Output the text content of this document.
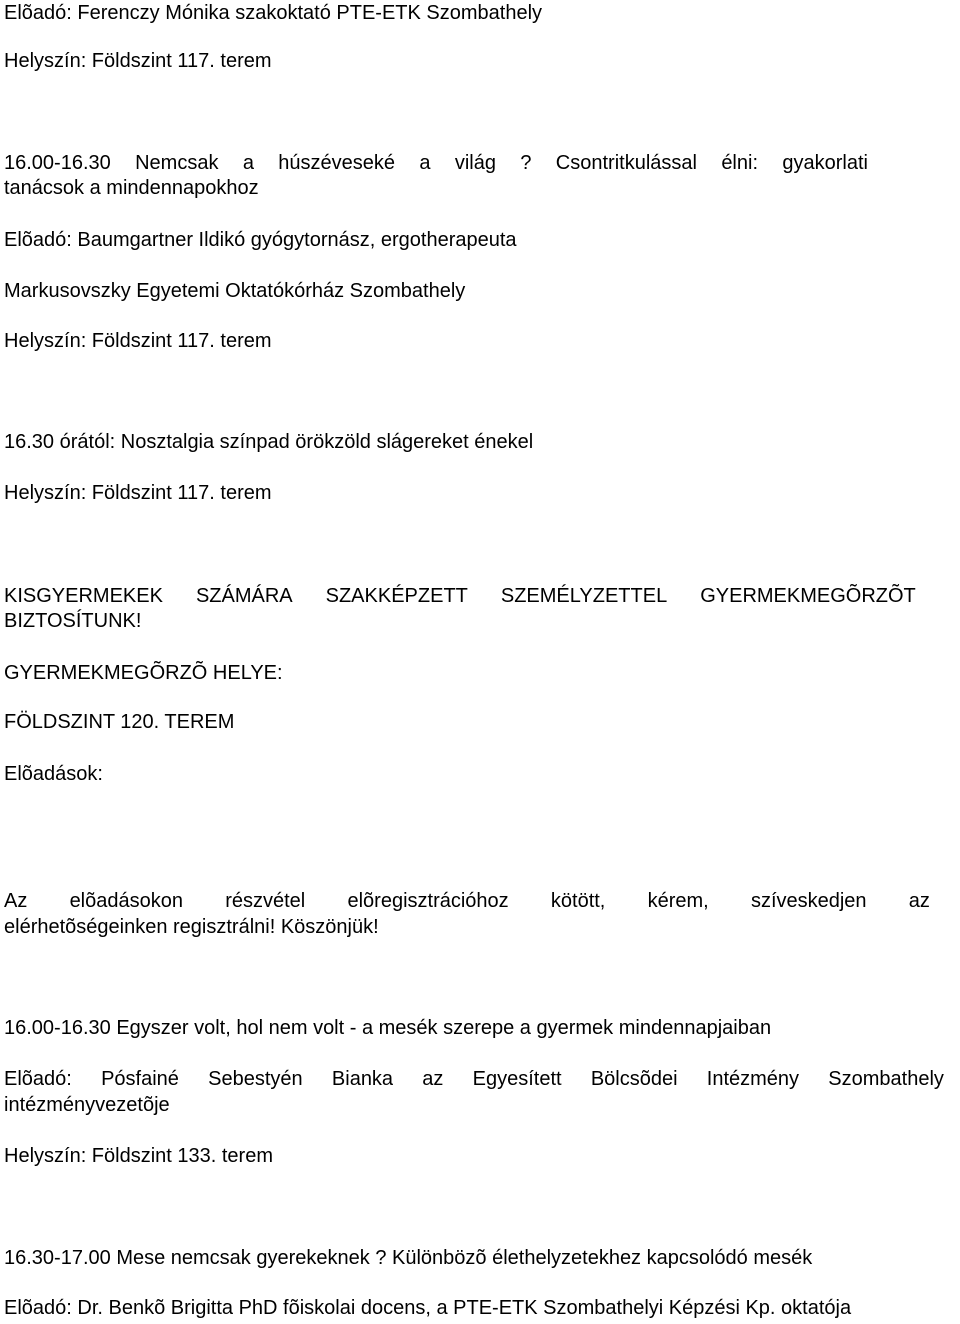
Elõadó: Ferenczy Mónika szakoktató PTE-ETK Szombathely
Helyszín: Földszint 117. terem
16.00-16.30 Nemcsak a húszéveseké a világ ? Csontritkulással élni: gyakorlati
tanácsok a mindennapokhoz
Elõadó: Baumgartner Ildikó gyógytornász, ergotherapeuta
Markusovszky Egyetemi Oktatókórház Szombathely
Helyszín: Földszint 117. terem
16.30 órától: Nosztalgia színpad örökzöld slágereket énekel
Helyszín: Földszint 117. terem
KISGYERMEKEK SZÁMÁRA SZAKKÉPZETT SZEMÉLYZETTEL GYERMEKMEGÕRZÕT
BIZTOSÍTUNK!
GYERMEKMEGÕRZÕ HELYE:
FÖLDSZINT 120. TEREM
Elõadások:
Az elõadásokon részvétel elõregisztrációhoz kötött, kérem, szíveskedjen az
elérhetõségeinken regisztrálni! Köszönjük!
16.00-16.30 Egyszer volt, hol nem volt - a mesék szerepe a gyermek mindennapjaiban
Elõadó: Pósfainé Sebestyén Bianka az Egyesített Bölcsõdei Intézmény Szombathely
intézményvezetõje
Helyszín: Földszint 133. terem
16.30-17.00 Mese nemcsak gyerekeknek ? Különbözõ élethelyzetekhez kapcsolódó mesék
Elõadó: Dr. Benkõ Brigitta PhD fõiskolai docens, a PTE-ETK Szombathelyi Képzési Kp. oktatója
